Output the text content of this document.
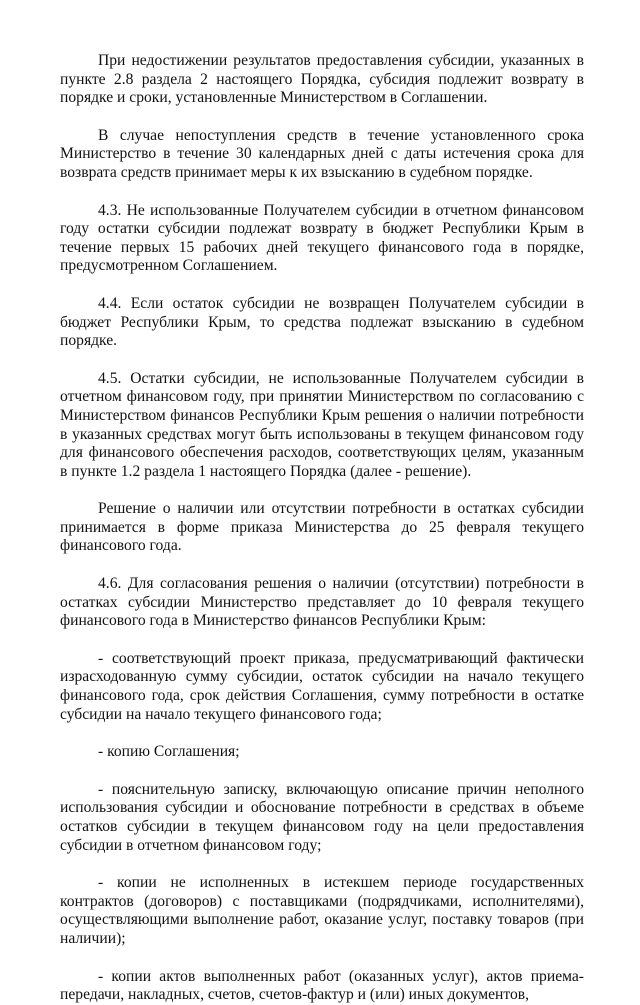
При недостижении результатов предоставления субсидии, указанных в пункте 2.8 раздела 2 настоящего Порядка, субсидия подлежит возврату в порядке и сроки, установленные Министерством в Соглашении.

В случае непоступления средств в течение установленного срока Министерство в течение 30 календарных дней с даты истечения срока для возврата средств принимает меры к их взысканию в судебном порядке.

4.3. Не использованные Получателем субсидии в отчетном финансовом году остатки субсидии подлежат возврату в бюджет Республики Крым в течение первых 15 рабочих дней текущего финансового года в порядке, предусмотренном Соглашением.

4.4. Если остаток субсидии не возвращен Получателем субсидии в бюджет Республики Крым, то средства подлежат взысканию в судебном порядке.

4.5. Остатки субсидии, не использованные Получателем субсидии в отчетном финансовом году, при принятии Министерством по согласованию с Министерством финансов Республики Крым решения о наличии потребности в указанных средствах могут быть использованы в текущем финансовом году для финансового обеспечения расходов, соответствующих целям, указанным в пункте 1.2 раздела 1 настоящего Порядка (далее - решение).

Решение о наличии или отсутствии потребности в остатках субсидии принимается в форме приказа Министерства до 25 февраля текущего финансового года.

4.6. Для согласования решения о наличии (отсутствии) потребности в остатках субсидии Министерство представляет до 10 февраля текущего финансового года в Министерство финансов Республики Крым:

- соответствующий проект приказа, предусматривающий фактически израсходованную сумму субсидии, остаток субсидии на начало текущего финансового года, срок действия Соглашения, сумму потребности в остатке субсидии на начало текущего финансового года;

- копию Соглашения;

- пояснительную записку, включающую описание причин неполного использования субсидии и обоснование потребности в средствах в объеме остатков субсидии в текущем финансовом году на цели предоставления субсидии в отчетном финансовом году;

- копии не исполненных в истекшем периоде государственных контрактов (договоров) с поставщиками (подрядчиками, исполнителями), осуществляющими выполнение работ, оказание услуг, поставку товаров (при наличии);

- копии актов выполненных работ (оказанных услуг), актов приема-передачи, накладных, счетов, счетов-фактур и (или) иных документов,
